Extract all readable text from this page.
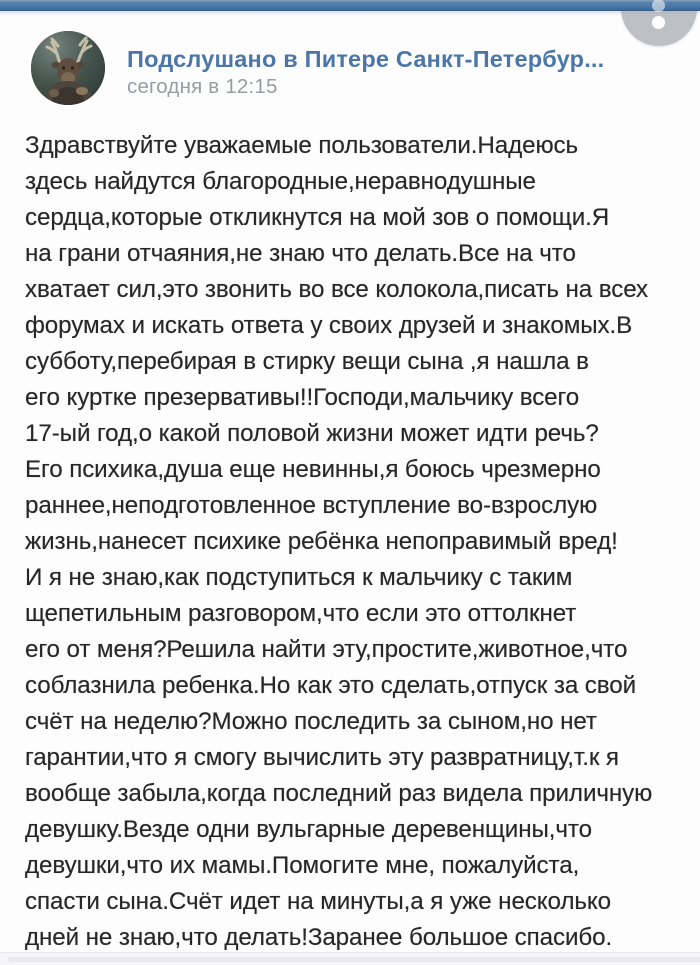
Подслушано в Питере Санкт-Петербур...
сегодня в 12:15
Здравствуйте уважаемые пользователи.Надеюсь
здесь найдутся благородные,неравнодушные
сердца,которые откликнутся на мой зов о помощи.Я
на грани отчаяния,не знаю что делать.Все на что
хватает сил,это звонить во все колокола,писать на всех
форумах и искать ответа у своих друзей и знакомых.В
субботу,перебирая в стирку вещи сына ,я нашла в
его куртке презервативы!!Господи,мальчику всего
17-ый год,о какой половой жизни может идти речь?
Его психика,душа еще невинны,я боюсь чрезмерно
раннее,неподготовленное вступление во-взрослую
жизнь,нанесет психике ребёнка непоправимый вред!
И я не знаю,как подступиться к мальчику с таким
щепетильным разговором,что если это оттолкнет
его от меня?Решила найти эту,простите,животное,что
соблазнила ребенка.Но как это сделать,отпуск за свой
счёт на неделю?Можно последить за сыном,но нет
гарантии,что я смогу вычислить эту развратницу,т.к я
вообще забыла,когда последний раз видела приличную
девушку.Везде одни вульгарные деревенщины,что
девушки,что их мамы.Помогите мне, пожалуйста,
спасти сына.Счёт идет на минуты,а я уже несколько
дней не знаю,что делать!Заранее большое спасибо.
